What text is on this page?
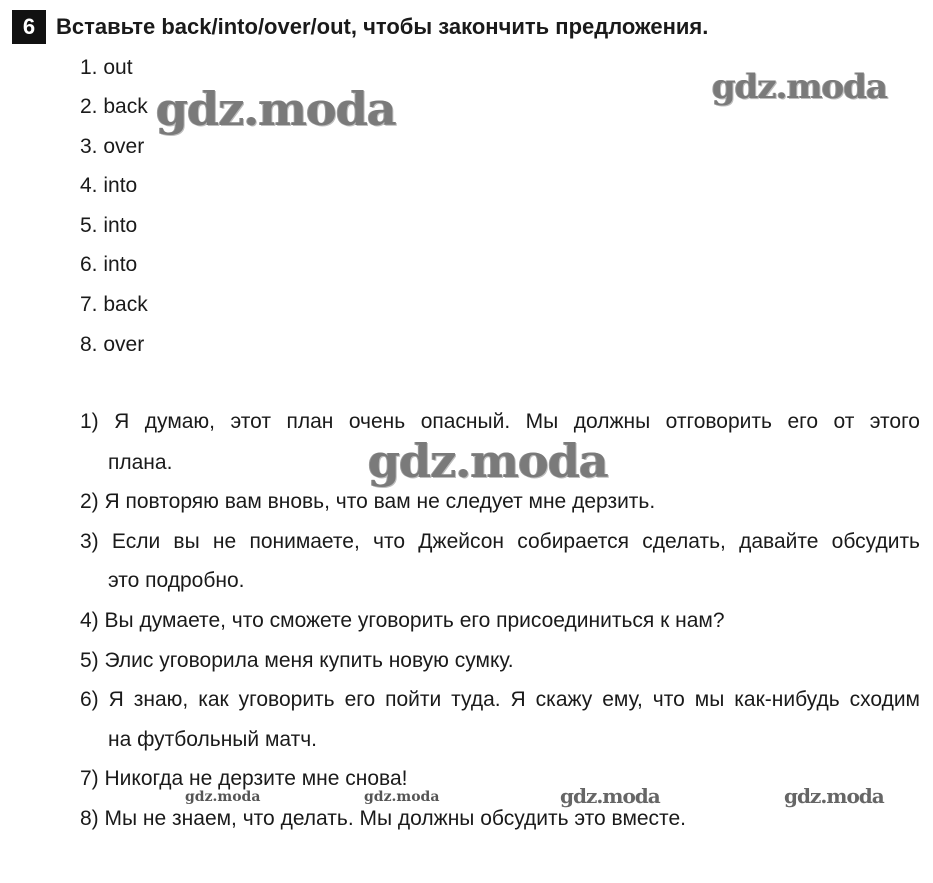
6 Вставьте back/into/over/out, чтобы закончить предложения.
1. out
2. back
3. over
4. into
5. into
6. into
7. back
8. over
1) Я думаю, этот план очень опасный. Мы должны отговорить его от этого
плана.
2) Я повторяю вам вновь, что вам не следует мне дерзить.
3) Если вы не понимаете, что Джейсон собирается сделать, давайте обсудить
это подробно.
4) Вы думаете, что сможете уговорить его присоединиться к нам?
5) Элис уговорила меня купить новую сумку.
6) Я знаю, как уговорить его пойти туда. Я скажу ему, что мы как-нибудь сходим
на футбольный матч.
7) Никогда не дерзите мне снова!
8) Мы не знаем, что делать. Мы должны обсудить это вместе.
gdz.moda	gdz.moda
gdz.moda
gdz.moda	gdz.moda	gdz.moda	gdz.moda
